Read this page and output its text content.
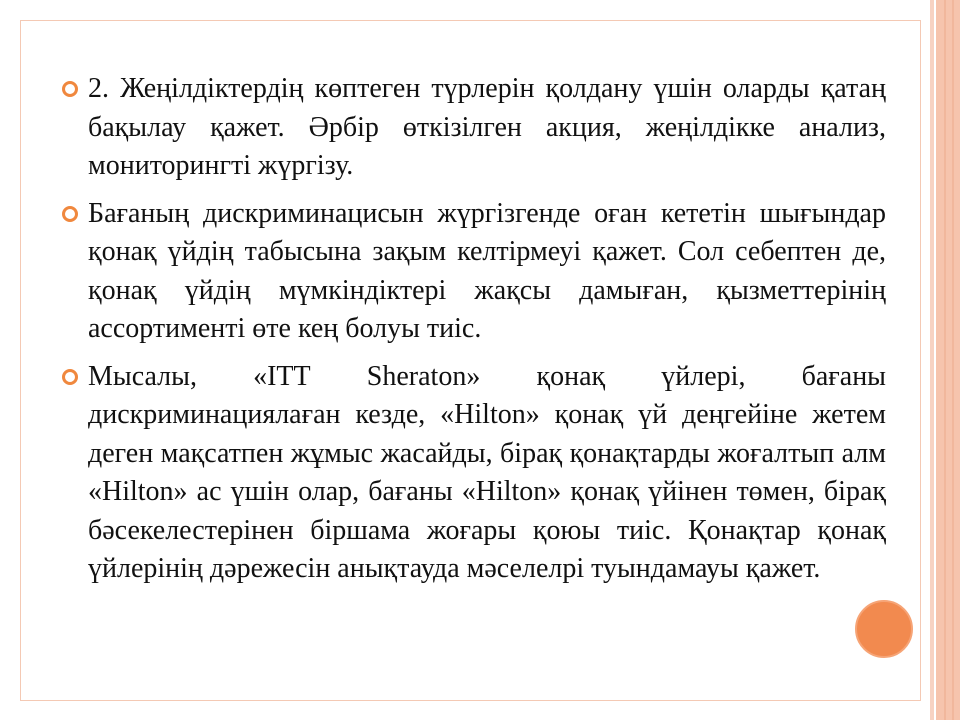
2. Жеңілдіктердің көптеген түрлерін қолдану үшін оларды қатаң бақылау қажет. Әрбір өткізілген акция, жеңілдікке анализ, мониторингті жүргізу.

Бағаның дискриминацисын жүргізгенде оған кететін шығындар қонақ үйдің табысына зақым келтірмеуі қажет. Сол себептен де, қонақ үйдің мүмкіндіктері жақсы дамыған, қызметтерінің ассортименті өте кең болуы тиіс.

Мысалы, «ІТТ Sheraton» қонақ үйлері, бағаны дискриминациялаған кезде, «Hilton» қонақ үй деңгейіне жетем деген мақсатпен жұмыс жасайды, бірақ қонақтарды жоғалтып алм «Hilton» ас үшін олар, бағаны «Hilton» қонақ үйінен төмен, бірақ бәсекелестерінен біршама жоғары қоюы тиіс. Қонақтар қонақ үйлерінің дәрежесін анықтауда мәселелрі туындамауы қажет.
